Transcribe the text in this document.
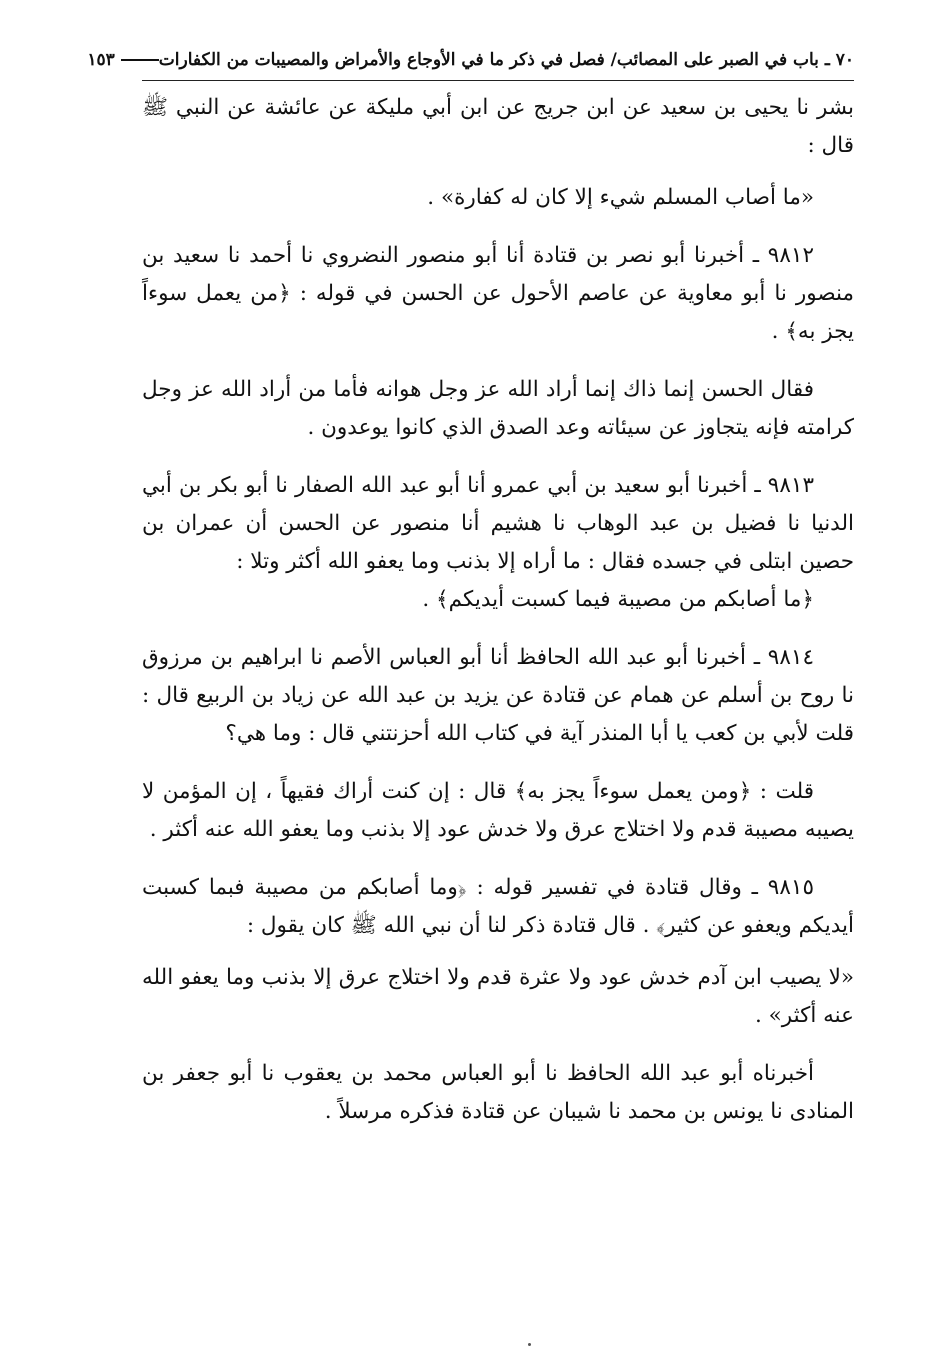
٧٠ ـ باب في الصبر على المصائب/ فصل في ذكر ما في الأوجاع والأمراض والمصيبات من الكفارات
١٥٣

بشر نا يحيى بن سعيد عن ابن جريج عن ابن أبي مليكة عن عائشة عن النبي ﷺ قال :

«ما أصاب المسلم شيء إلا كان له كفارة» .

٩٨١٢ ـ أخبرنا أبو نصر بن قتادة أنا أبو منصور النضروي نا أحمد نا سعيد بن منصور نا أبو معاوية عن عاصم الأحول عن الحسن في قوله : ﴿من يعمل سوءاً يجز به﴾ .

فقال الحسن إنما ذاك إنما أراد الله عز وجل هوانه فأما من أراد الله عز وجل كرامته فإنه يتجاوز عن سيئاته وعد الصدق الذي كانوا يوعدون .

٩٨١٣ ـ أخبرنا أبو سعيد بن أبي عمرو أنا أبو عبد الله الصفار نا أبو بكر بن أبي الدنيا نا فضيل بن عبد الوهاب نا هشيم أنا منصور عن الحسن أن عمران بن حصين ابتلى في جسده فقال : ما أراه إلا بذنب وما يعفو الله أكثر وتلا :

﴿ما أصابكم من مصيبة فيما كسبت أيديكم﴾ .

٩٨١٤ ـ أخبرنا أبو عبد الله الحافظ أنا أبو العباس الأصم نا ابراهيم بن مرزوق نا روح بن أسلم عن همام عن قتادة عن يزيد بن عبد الله عن زياد بن الربيع قال : قلت لأبي بن كعب يا أبا المنذر آية في كتاب الله أحزنتني قال : وما هي؟

قلت : ﴿ومن يعمل سوءاً يجز به﴾ قال : إن كنت أراك فقيهاً ، إن المؤمن لا يصيبه مصيبة قدم ولا اختلاج عرق ولا خدش عود إلا بذنب وما يعفو الله عنه أكثر .

٩٨١٥ ـ وقال قتادة في تفسير قوله : ﴿وما أصابكم من مصيبة فبما كسبت أيديكم ويعفو عن كثير﴾ . قال قتادة ذكر لنا أن نبي الله ﷺ كان يقول :

«لا يصيب ابن آدم خدش عود ولا عثرة قدم ولا اختلاج عرق إلا بذنب وما يعفو الله عنه أكثر» .

أخبرناه أبو عبد الله الحافظ نا أبو العباس محمد بن يعقوب نا أبو جعفر بن المنادى نا يونس بن محمد نا شيبان عن قتادة فذكره مرسلاً .
